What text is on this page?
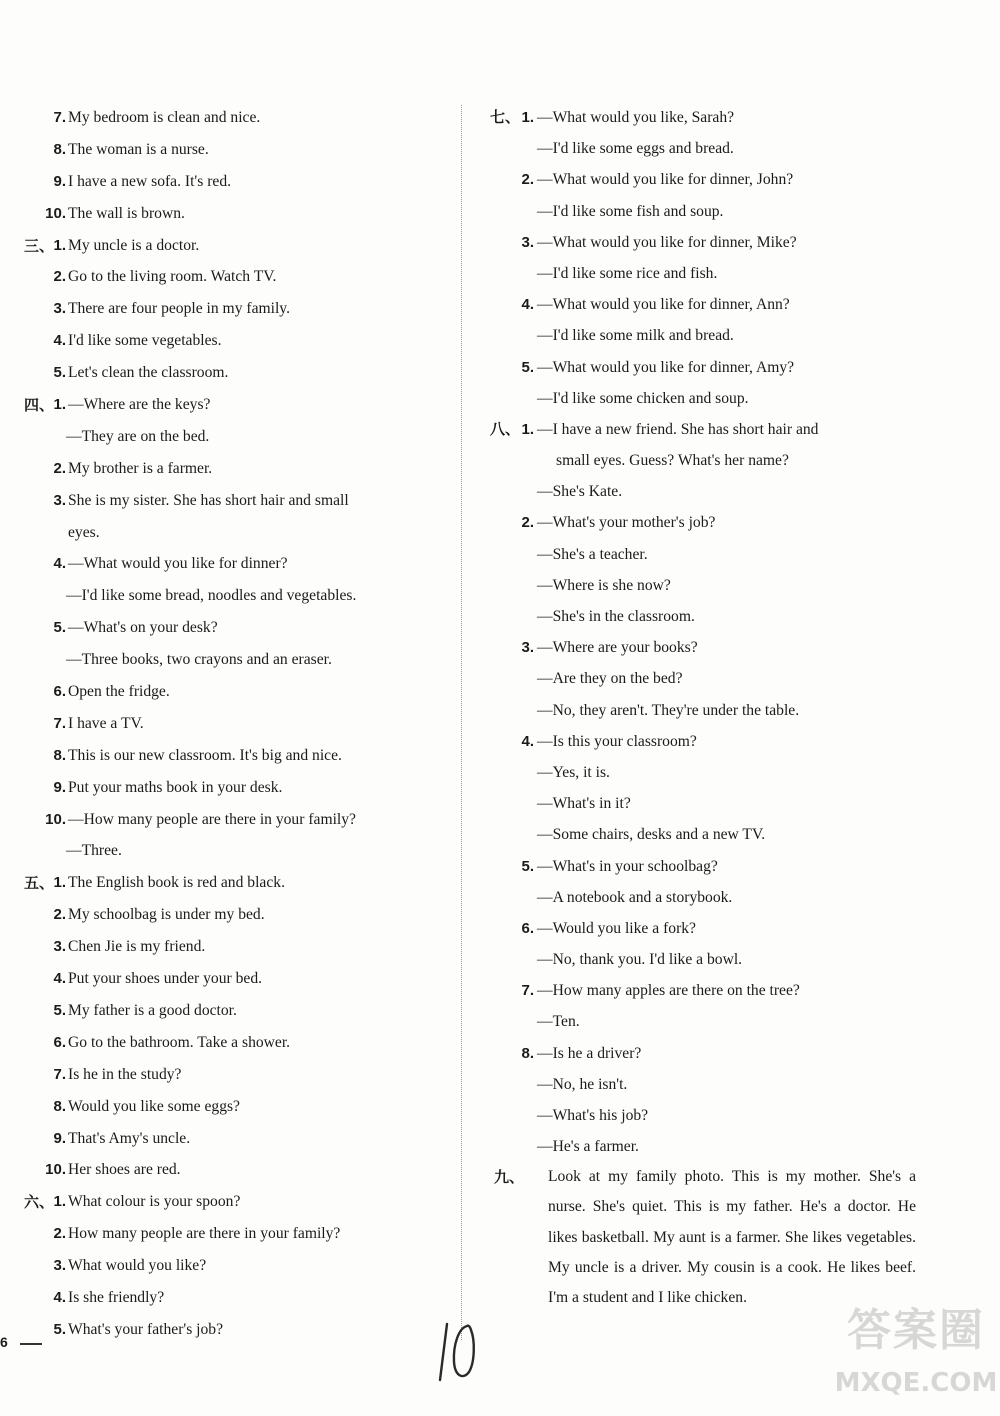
7. My bedroom is clean and nice.
8. The woman is a nurse.
9. I have a new sofa. It's red.
10. The wall is brown.
三、 1. My uncle is a doctor.
2. Go to the living room. Watch TV.
3. There are four people in my family.
4. I'd like some vegetables.
5. Let's clean the classroom.
四、 1. —Where are the keys?
—They are on the bed.
2. My brother is a farmer.
3. She is my sister. She has short hair and small
eyes.
4. —What would you like for dinner?
—I'd like some bread, noodles and vegetables.
5. —What's on your desk?
—Three books, two crayons and an eraser.
6. Open the fridge.
7. I have a TV.
8. This is our new classroom. It's big and nice.
9. Put your maths book in your desk.
10. —How many people are there in your family?
—Three.
五、 1. The English book is red and black.
2. My schoolbag is under my bed.
3. Chen Jie is my friend.
4. Put your shoes under your bed.
5. My father is a good doctor.
6. Go to the bathroom. Take a shower.
7. Is he in the study?
8. Would you like some eggs?
9. That's Amy's uncle.
10. Her shoes are red.
六、 1. What colour is your spoon?
2. How many people are there in your family?
3. What would you like?
4. Is she friendly?
5. What's your father's job?
七、 1. —What would you like, Sarah?
—I'd like some eggs and bread.
2. —What would you like for dinner, John?
—I'd like some fish and soup.
3. —What would you like for dinner, Mike?
—I'd like some rice and fish.
4. —What would you like for dinner, Ann?
—I'd like some milk and bread.
5. —What would you like for dinner, Amy?
—I'd like some chicken and soup.
八、 1. —I have a new friend. She has short hair and
small eyes. Guess? What's her name?
—She's Kate.
2. —What's your mother's job?
—She's a teacher.
—Where is she now?
—She's in the classroom.
3. —Where are your books?
—Are they on the bed?
—No, they aren't. They're under the table.
4. —Is this your classroom?
—Yes, it is.
—What's in it?
—Some chairs, desks and a new TV.
5. —What's in your schoolbag?
—A notebook and a storybook.
6. —Would you like a fork?
—No, thank you. I'd like a bowl.
7. —How many apples are there on the tree?
—Ten.
8. —Is he a driver?
—No, he isn't.
—What's his job?
—He's a farmer.
九、	Look at my family photo. This is my mother. She's a nurse. She's quiet. This is my father. He's a doctor. He likes basketball. My aunt is a farmer. She likes vegetables. My uncle is a driver. My cousin is a cook. He likes beef. I'm a student and I like chicken.
6	答案圈
MXQE.COM
